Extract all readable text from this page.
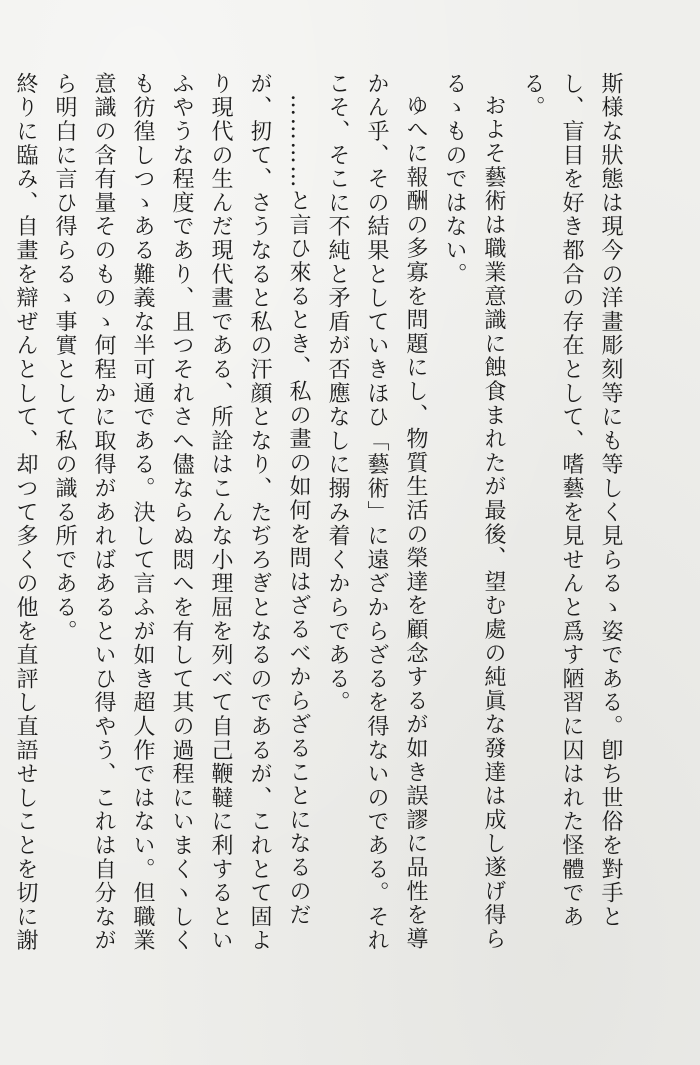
斯様な狀態は現今の洋畫彫刻等にも等しく見らるゝ姿である。卽ち世俗を對手とし、盲目を好き都合の存在として、嗜藝を見せんと爲す陋習に囚はれた怪體である。

およそ藝術は職業意識に蝕食まれたが最後、望む處の純眞な發達は成し遂げ得らるゝものではない。

ゆへに報酬の多寡を問題にし、物質生活の榮達を顧念するが如き誤謬に品性を導かん乎、その結果としていきほひ「藝術」に遠ざからざるを得ないのである。それこそ、そこに不純と矛盾が否應なしに搦み着くからである。

…………と言ひ來るとき、私の畫の如何を問はざるべからざることになるのだが、扨て、さうなると私の汗顔となり、たぢろぎとなるのであるが、これとて固より現代の生んだ現代畫である、所詮はこんな小理屈を列べて自己鞭韃に利するといふやうな程度であり、且つそれさへ儘ならぬ悶へを有して其の過程にいまくヽしくも彷徨しつゝある難義な半可通である。決して言ふが如き超人作ではない。但職業意識の含有量そのものゝ何程かに取得があればあるといひ得やう、これは自分ながら明白に言ひ得らるゝ事實として私の識る所である。

終りに臨み、自畫を辯ぜんとして、却つて多くの他を直評し直語せしことを切に謝
